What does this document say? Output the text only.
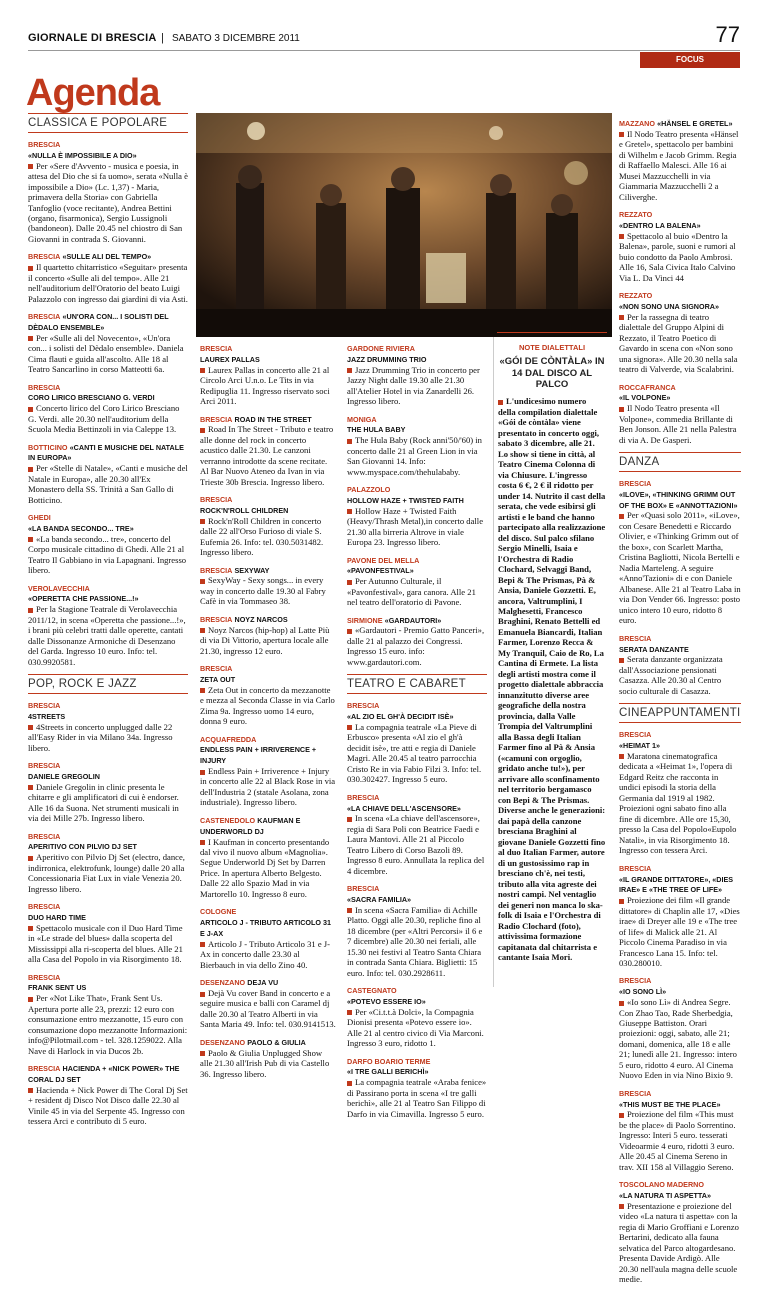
GIORNALE DI BRESCIA | SABATO 3 DICEMBRE 2011	77
FOCUS
Agenda
CLASSICA E POPOLARE
BRESCIA
«NULLA È IMPOSSIBILE A DIO»
Per «Sere d'Avvento - musica e poesia, in attesa del Dio che si fa uomo», serata «Nulla è impossibile a Dio» (Lc. 1,37) - Maria, primavera della Storia» con Gabriella Tanfoglio (voce recitante), Andrea Bettini (organo, fisarmonica), Sergio Lussignoli (bandoneon). Dalle 20.45 nel chiostro di San Giovanni in contrada S. Giovanni.
BRESCIA «SULLE ALI DEL TEMPO»
Il quartetto chitarristico «Seguitar» presenta il concerto «Sulle ali del tempo». Alle 21 nell'auditorium dell'Oratorio del beato Luigi Palazzolo con ingresso dai giardini di via Asti.
BRESCIA «UN'ORA CON... I SOLISTI DEL DÈDALO ENSEMBLE»
Per «Sulle ali del Novecento», «Un'ora con... i solisti del Dèdalo ensemble». Daniela Cima flauti e guida all'ascolto. Alle 18 al Teatro Sancarlino in corso Matteotti 6a.
BRESCIA
CORO LIRICO BRESCIANO G. VERDI
Concerto lirico del Coro Lirico Bresciano G. Verdi. alle 20.30 nell'auditorium della Scuola Media Bettinzoli in via Caleppe 13.
BOTTICINO «CANTI E MUSICHE DEL NATALE IN EUROPA»
Per «Stelle di Natale», «Canti e musiche del Natale in Europa», alle 20.30 all'Ex Monastero della SS. Trinità a San Gallo di Botticino.
GHEDI
«LA BANDA SECONDO... TRE»
«La banda secondo... tre», concerto del Corpo musicale cittadino di Ghedi. Alle 21 al Teatro Il Gabbiano in via Lapagnani. Ingresso libero.
VEROLAVECCHIA
«OPERETTA CHE PASSIONE...!»
Per la Stagione Teatrale di Verolavecchia 2011/12, in scena «Operetta che passione...!», i brani più celebri tratti dalle operette, cantati dalle Dissonanze Armoniche di Desenzano del Garda. Ingresso 10 euro. Info: tel. 030.9920581.
POP, ROCK E JAZZ
BRESCIA
4STREETS
4Streets in concerto unplugged dalle 22 all'Easy Rider in via Milano 34a. Ingresso libero.
BRESCIA
DANIELE GREGOLIN
Daniele Gregolin in clinic presenta le chitarre e gli amplificatori di cui è endorser. Alle 16 da Suona. Net strumenti musicali in via dei Mille 27b. Ingresso libero.
BRESCIA
APERITIVO CON PILVIO DJ SET
Aperitivo con Pilvio Dj Set (electro, dance, indirronica, elektrofunk, lounge) dalle 20 alla Concessionaria Fiat Lux in viale Venezia 20. Ingresso libero.
BRESCIA
DUO HARD TIME
Spettacolo musicale con il Duo Hard Time in «Le strade del blues» dalla scoperta del Mississippi alla ri-scoperta del blues. Alle 21 alla Casa del Popolo in via Risorgimento 18.
BRESCIA
FRANK SENT US
Per «Not Like That», Frank Sent Us. Apertura porte alle 23, prezzi: 12 euro con consumazione entro mezzanotte, 15 euro con consumazione dopo mezzanotte Informazioni: info@Pilotmail.com - tel. 328.1259022. Alla Nave di Harlock in via Ducos 2b.
BRESCIA HACIENDA + «NICK POWER» THE CORAL DJ SET
Hacienda + Nick Power di The Coral Dj Set + resident dj Disco Not Disco dalle 22.30 al Vinile 45 in via del Serpente 45. Ingresso con tessera Arci e contributo di 5 euro.
BRESCIA
LAUREX PALLAS
Laurex Pallas in concerto alle 21 al Circolo Arci U.n.o. Le Tits in via Redipuglia 11. Ingresso riservato soci Arci 2011.
BRESCIA ROAD IN THE STREET
Road In The Street - Tributo e teatro alle donne del rock in concerto acustico dalle 21.30. Le canzoni verranno introdotte da scene recitate. Al Bar Nuovo Ateneo da Ivan in via Trieste 30b Brescia. Ingresso libero.
BRESCIA
ROCK'N'ROLL CHILDREN
Rock'n'Roll Children in concerto dalle 22 all'Orso Furioso di viale S. Eufemia 26. Info: tel. 030.5031482. Ingresso libero.
BRESCIA SEXYWAY
SexyWay - Sexy songs... in every way in concerto dalle 19.30 al Fabry Cafè in via Tommaseo 38.
BRESCIA NOYZ NARCOS
Noyz Narcos (hip-hop) al Latte Più di via Di Vittorio, apertura locale alle 21.30, ingresso 12 euro.
BRESCIA
ZETA OUT
Zeta Out in concerto da mezzanotte e mezza al Seconda Classe in via Carlo Zima 9a. Ingresso uomo 14 euro, donna 9 euro.
ACQUAFREDDA
ENDLESS PAIN + IRRIVERENCE + INJURY
Endless Pain + Irriverence + Injury in concerto alle 22 al Black Rose in via dell'Industria 2 (statale Asolana, zona industriale). Ingresso libero.
CASTENEDOLO KAUFMAN E UNDERWORLD DJ
I Kaufman in concerto presentando dal vivo il nuovo album «Magnolia». Segue Underworld Dj Set by Darren Price. In apertura Alberto Belgesto. Dalle 22 allo Spazio Mad in via Martorello 10. Ingresso 8 euro.
COLOGNE
ARTICOLO J - TRIBUTO ARTICOLO 31 E J-AX
Articolo J - Tributo Articolo 31 e J-Ax in concerto dalle 23.30 al Bierbauch in via dello Zino 40.
DESENZANO DEJA VU
Dejà Vu cover Band in concerto e a seguire musica e balli con Caramel dj dalle 20.30 al Teatro Alberti in via Santa Maria 49. Info: tel. 030.9141513.
DESENZANO PAOLO & GIULIA
Paolo & Giulia Unplugged Show alle 21.30 all'Irish Pub di via Castello 36. Ingresso libero.
GARDONE RIVIERA
JAZZ DRUMMING TRIO
Jazz Drumming Trio in concerto per Jazzy Night dalle 19.30 alle 21.30 all'Atelier Hotel in via Zanardelli 26. Ingresso libero.
MONIGA
THE HULA BABY
The Hula Baby (Rock anni'50/'60) in concerto dalle 21 al Green Lion in via San Giovanni 14. Info: www.myspace.com/thehulababy.
PALAZZOLO
HOLLOW HAZE + TWISTED FAITH
Hollow Haze + Twisted Faith (Heavy/Thrash Metal),in concerto dalle 21.30 alla birreria Altrove in viale Europa 23. Ingresso libero.
PAVONE DEL MELLA
«PAVONFESTIVAL»
Per Autunno Culturale, il «Pavonfestival», gara canora. Alle 21 nel teatro dell'oratorio di Pavone.
SIRMIONE «GARDAUTORI»
«Gardautori - Premio Gatto Panceri», dalle 21 al palazzo dei Congressi. Ingresso 15 euro. info: www.gardautori.com.
TEATRO E CABARET
BRESCIA
«AL ZIO EL GH'À DECIDIT ISÈ»
La compagnia teatrale «La Pieve di Erbusco» presenta «Al zio el gh'à decidit isè», tre atti e regia di Daniele Magri. Alle 20.45 al teatro parrocchia Cristo Re in via Fabio Filzi 3. Info: tel. 030.302427. Ingresso 5 euro.
BRESCIA
«LA CHIAVE DELL'ASCENSORE»
In scena «La chiave dell'ascensore», regia di Sara Poli con Beatrice Faedi e Laura Mantovi. Alle 21 al Piccolo Teatro Libero di Corso Bazoli 89. Ingresso 8 euro. Annullata la replica del 4 dicembre.
BRESCIA
«SACRA FAMILIA»
In scena «Sacra Familia» di Achille Platto. Oggi alle 20.30, repliche fino al 18 dicembre (per «Altri Percorsi» il 6 e 7 dicembre) alle 20.30 nei feriali, alle 15.30 nei festivi al Teatro Santa Chiara in contrada Santa Chiara. Biglietti: 15 euro. Info: tel. 030.2928611.
CASTEGNATO
«POTEVO ESSERE IO»
Per «Ci.t.t.à Dolci», la Compagnia Dionisi presenta «Potevo essere io». Alle 21 al centro civico di Via Marconi. Ingresso 3 euro, ridotto 1.
DARFO BOARIO TERME
«I TRE GALLI BERICHÌ»
La compagnia teatrale «Araba fenice» di Passirano porta in scena «I tre galli berichì», alle 21 al Teatro San Filippo di Darfo in via Cimavilla. Ingresso 5 euro.
NOTE DIALETTALI
«GÓI DE CÒNTÀLA» IN 14 DAL DISCO AL PALCO
L'undicesimo numero della compilation dialettale «Gói de còntàla» viene presentato in concerto oggi, sabato 3 dicembre, alle 21. Lo show si tiene in città, al Teatro Cinema Colonna di via Chiusure. L'ingresso costa 6 €, 2 € il ridotto per under 14. Nutrito il cast della serata, che vede esibirsi gli artisti e le band che hanno partecipato alla realizzazione del disco. Sul palco sfilano Sergio Minelli, Isaia e l'Orchestra di Radio Clochard, Selvaggi Band, Bepi & The Prismas, Pà & Ansia, Daniele Gozzetti. E, ancora, Valtrumplini, I Malghesetti, Francesco Braghini, Renato Bettelli ed Emanuela Biancardi, Italian Farmer, Lorenzo Recca & My Tranquil, Caio de Ro, La Cantina di Ermete. La lista degli artisti mostra come il progetto dialettale abbraccia innanzitutto diverse aree geografiche della nostra provincia, dalla Valle Trompia del Valtrumplini alla Bassa degli Italian Farmer fino al Pà & Ansia («camuni con orgoglio, gridato anche tu!»), per arrivare allo sconfinamento nel territorio bergamasco con Bepi & The Prismas. Diverse anche le generazioni: dai papà della canzone bresciana Braghini al giovane Daniele Gozzetti fino al duo Italian Farmer, autore di un gustosissimo rap in bresciano ch'è, nei testi, tributo alla vita agreste dei nostri campi. Nel ventaglio dei generi non manca lo ska-folk di Isaia e l'Orchestra di Radio Clochard (foto), attivissima formazione capitanata dal chitarrista e cantante Isaia Mori.
MAZZANO «HÄNSEL E GRETEL»
Il Nodo Teatro presenta «Hänsel e Gretel», spettacolo per bambini di Wilhelm e Jacob Grimm. Regia di Raffaello Malesci. Alle 16 ai Musei Mazzucchelli in via Giammaria Mazzucchelli 2 a Ciliverghe.
REZZATO
«DENTRO LA BALENA»
Spettacolo al buio «Dentro la Balena», parole, suoni e rumori al buio condotto da Paolo Ambrosi. Alle 16, Sala Civica Italo Calvino Via L. Da Vinci 44
REZZATO
«NON SONO UNA SIGNORA»
Per la rassegna di teatro dialettale del Gruppo Alpini di Rezzato, il Teatro Poetico di Gavardo in scena con «Non sono una signora». Alle 20.30 nella sala teatro di Valverde, via Scalabrini.
ROCCAFRANCA
«IL VOLPONE»
Il Nodo Teatro presenta «Il Volpone», commedia Brillante di Ben Jonson. Alle 21 nella Palestra di via A. De Gasperi.
DANZA
BRESCIA
«ILOVE», «THINKING GRIMM OUT OF THE BOX» E «ANNOTTAZIONI»
Per «Quasi solo 2011», «iLove», con Cesare Benedetti e Riccardo Olivier, e «Thinking Grimm out of the box», con Scarlett Martha, Cristina Bagliotti, Nicola Bertelli e Nadia Marteleng. A seguire «Anno'Tazioni» di e con Daniele Albanese. Alle 21 al Teatro Laba in via Don Vender 66. Ingresso: posto unico intero 10 euro, ridotto 8 euro.
BRESCIA
SERATA DANZANTE
Serata danzante organizzata dall'Associazione pensionati Casazza. Alle 20.30 al Centro socio culturale di Casazza.
CINEAPPUNTAMENTI
BRESCIA
«HEIMAT 1»
Maratona cinematografica dedicata a «Heimat 1», l'opera di Edgard Reitz che racconta in undici episodi la storia della Germania dal 1919 al 1982. Proiezioni ogni sabato fino alla fine di dicembre. Alle ore 15,30, presso la Casa del Popolo«Eupolo Natali», in via Risorgimento 18. Ingresso con tessera Arci.
BRESCIA
«IL GRANDE DITTATORE», «DIES IRAE» E «THE TREE OF LIFE»
Proiezione dei film «Il grande dittatore» di Chaplin alle 17, «Dies irae» di Dreyer alle 19 e «The tree of life» di Malick alle 21. Al Piccolo Cinema Paradiso in via Francesco Lana 15. Info: tel. 030.280010.
BRESCIA
«IO SONO LÌ»
«Io sono Lì» di Andrea Segre. Con Zhao Tao, Rade Sherbedgia, Giuseppe Battiston. Orari proiezioni: oggi, sabato, alle 21; domani, domenica, alle 18 e alle 21; lunedì alle 21. Ingresso: intero 5 euro, ridotto 4 euro. Al Cinema Nuovo Eden in via Nino Bixio 9.
BRESCIA
«THIS MUST BE THE PLACE»
Proiezione del film «This must be the place» di Paolo Sorrentino. Ingresso: Interi 5 euro. tesserati Videoarmie 4 euro, ridotti 3 euro. Alle 20.45 al Cinema Sereno in trav. XII 158 al Villaggio Sereno.
TOSCOLANO MADERNO
«LA NATURA TI ASPETTA»
Presentazione e proiezione del video «La natura ti aspetta» con la regia di Mario Groffiani e Lorenzo Bertarini, dedicato alla fauna selvatica del Parco altogardesano. Presenta Davide Ardigò. Alle 20.30 nell'aula magna delle scuole medie.
